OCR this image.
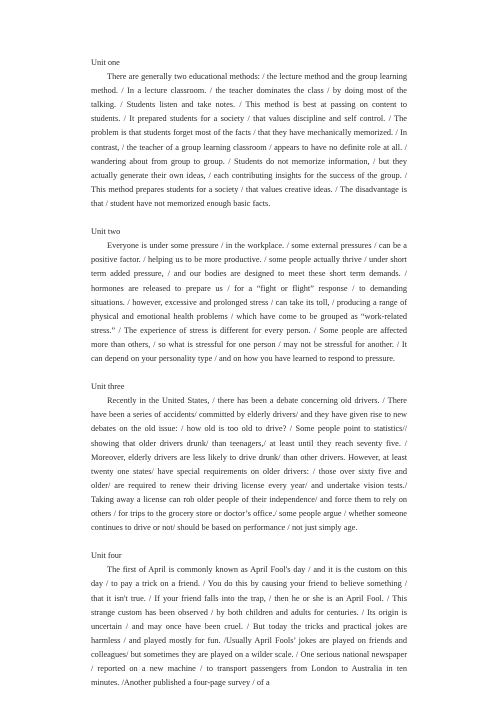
Unit one

There are generally two educational methods: / the lecture method and the group learning method. / In a lecture classroom. / the teacher dominates the class / by doing most of the talking. / Students listen and take notes. / This method is best at passing on content to students. / It prepared students for a society / that values discipline and self control. / The problem is that students forget most of the facts / that they have mechanically memorized. / In contrast, / the teacher of a group learning classroom / appears to have no definite role at all. / wandering about from group to group. / Students do not memorize information, / but they actually generate their own ideas, / each contributing insights for the success of the group. / This method prepares students for a society / that values creative ideas. / The disadvantage is that / student have not memorized enough basic facts.

Unit two

Everyone is under some pressure / in the workplace. / some external pressures / can be a positive factor. / helping us to be more productive. / some people actually thrive / under short term added pressure, / and our bodies are designed to meet these short term demands. / hormones are released to prepare us / for a “fight or flight” response / to demanding situations. / however, excessive and prolonged stress / can take its toll, / producing a range of physical and emotional health problems / which have come to be grouped as “work-related stress.” / The experience of stress is different for every person. / Some people are affected more than others, / so what is stressful for one person / may not be stressful for another. / It can depend on your personality type / and on how you have learned to respond to pressure.

Unit three

Recently in the United States, / there has been a debate concerning old drivers. / There have been a series of accidents/ committed by elderly drivers/ and they have given rise to new debates on the old issue: / how old is too old to drive? / Some people point to statistics// showing that older drivers drunk/ than teenagers,/ at least until they reach seventy five. / Moreover, elderly drivers are less likely to drive drunk/ than other drivers. However, at least twenty one states/ have special requirements on older drivers: / those over sixty five and older/ are required to renew their driving license every year/ and undertake vision tests./ Taking away a license can rob older people of their independence/ and force them to rely on others / for trips to the grocery store or doctor’s office./ some people argue / whether someone continues to drive or not/ should be based on performance / not just simply age.

Unit four

The first of April is commonly known as April Fool's day / and it is the custom on this day / to pay a trick on a friend. / You do this by causing your friend to believe something / that it isn't true. / If your friend falls into the trap, / then he or she is an April Fool. / This strange custom has been observed / by both children and adults for centuries. / Its origin is uncertain / and may once have been cruel. / But today the tricks and practical jokes are harmless / and played mostly for fun. /Usually April Fools’ jokes are played on friends and colleagues/ but sometimes they are played on a wilder scale. / One serious national newspaper / reported on a new machine / to transport passengers from London to Australia in ten minutes. /Another published a four-page survey / of a
